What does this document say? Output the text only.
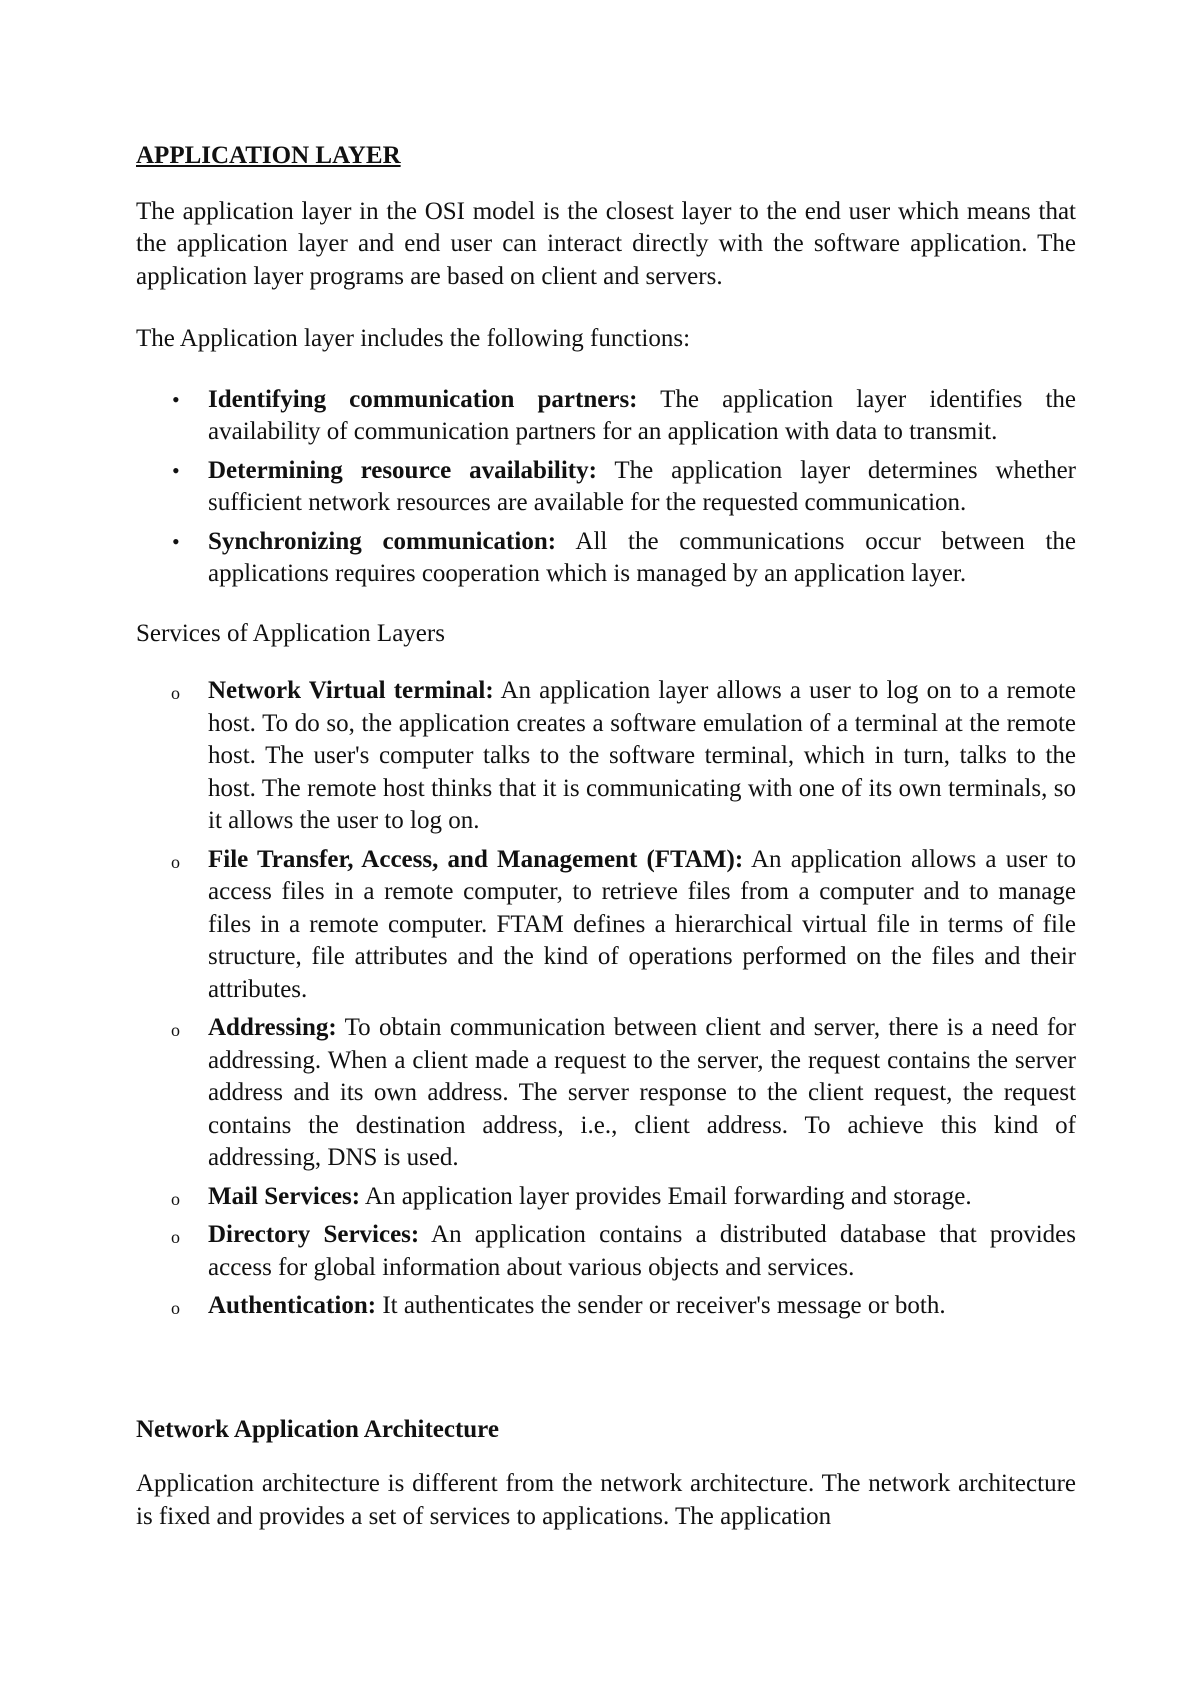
APPLICATION LAYER

The application layer in the OSI model is the closest layer to the end user which means that the application layer and end user can interact directly with the software application. The application layer programs are based on client and servers.

The Application layer includes the following functions:

• Identifying communication partners: The application layer identifies the availability of communication partners for an application with data to transmit.
• Determining resource availability: The application layer determines whether sufficient network resources are available for the requested communication.
• Synchronizing communication: All the communications occur between the applications requires cooperation which is managed by an application layer.

Services of Application Layers

o Network Virtual terminal: An application layer allows a user to log on to a remote host. To do so, the application creates a software emulation of a terminal at the remote host. The user's computer talks to the software terminal, which in turn, talks to the host. The remote host thinks that it is communicating with one of its own terminals, so it allows the user to log on.
o File Transfer, Access, and Management (FTAM): An application allows a user to access files in a remote computer, to retrieve files from a computer and to manage files in a remote computer. FTAM defines a hierarchical virtual file in terms of file structure, file attributes and the kind of operations performed on the files and their attributes.
o Addressing: To obtain communication between client and server, there is a need for addressing. When a client made a request to the server, the request contains the server address and its own address. The server response to the client request, the request contains the destination address, i.e., client address. To achieve this kind of addressing, DNS is used.
o Mail Services: An application layer provides Email forwarding and storage.
o Directory Services: An application contains a distributed database that provides access for global information about various objects and services.
o Authentication: It authenticates the sender or receiver's message or both.
Network Application Architecture

Application architecture is different from the network architecture. The network architecture is fixed and provides a set of services to applications. The application
